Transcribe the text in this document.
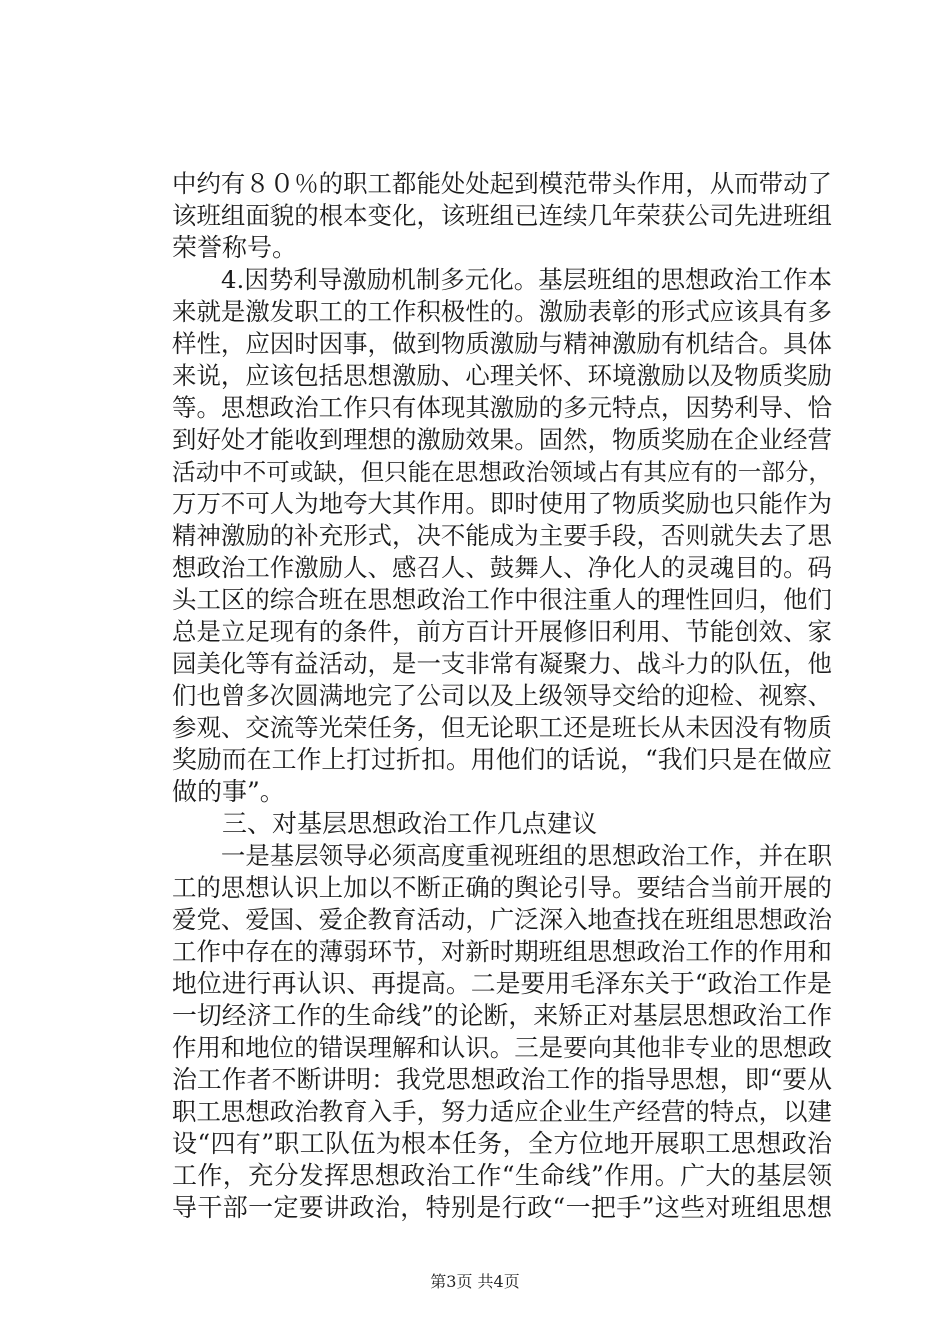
中约有８０％的职工都能处处起到模范带头作用，从而带动了
该班组面貌的根本变化，该班组已连续几年荣获公司先进班组
荣誉称号。
　　4.因势利导激励机制多元化。基层班组的思想政治工作本
来就是激发职工的工作积极性的。激励表彰的形式应该具有多
样性，应因时因事，做到物质激励与精神激励有机结合。具体
来说，应该包括思想激励、心理关怀、环境激励以及物质奖励
等。思想政治工作只有体现其激励的多元特点，因势利导、恰
到好处才能收到理想的激励效果。固然，物质奖励在企业经营
活动中不可或缺，但只能在思想政治领域占有其应有的一部分，
万万不可人为地夸大其作用。即时使用了物质奖励也只能作为
精神激励的补充形式，决不能成为主要手段，否则就失去了思
想政治工作激励人、感召人、鼓舞人、净化人的灵魂目的。码
头工区的综合班在思想政治工作中很注重人的理性回归，他们
总是立足现有的条件，前方百计开展修旧利用、节能创效、家
园美化等有益活动，是一支非常有凝聚力、战斗力的队伍，他
们也曾多次圆满地完了公司以及上级领导交给的迎检、视察、
参观、交流等光荣任务，但无论职工还是班长从未因没有物质
奖励而在工作上打过折扣。用他们的话说，“我们只是在做应
做的事”。
　　三、对基层思想政治工作几点建议
　　一是基层领导必须高度重视班组的思想政治工作，并在职
工的思想认识上加以不断正确的舆论引导。要结合当前开展的
爱党、爱国、爱企教育活动，广泛深入地查找在班组思想政治
工作中存在的薄弱环节，对新时期班组思想政治工作的作用和
地位进行再认识、再提高。二是要用毛泽东关于“政治工作是
一切经济工作的生命线”的论断，来矫正对基层思想政治工作
作用和地位的错误理解和认识。三是要向其他非专业的思想政
治工作者不断讲明：我党思想政治工作的指导思想，即“要从
职工思想政治教育入手，努力适应企业生产经营的特点，以建
设“四有”职工队伍为根本任务，全方位地开展职工思想政治
工作，充分发挥思想政治工作“生命线”作用。广大的基层领
导干部一定要讲政治，特别是行政“一把手”这些对班组思想
第3页 共4页
